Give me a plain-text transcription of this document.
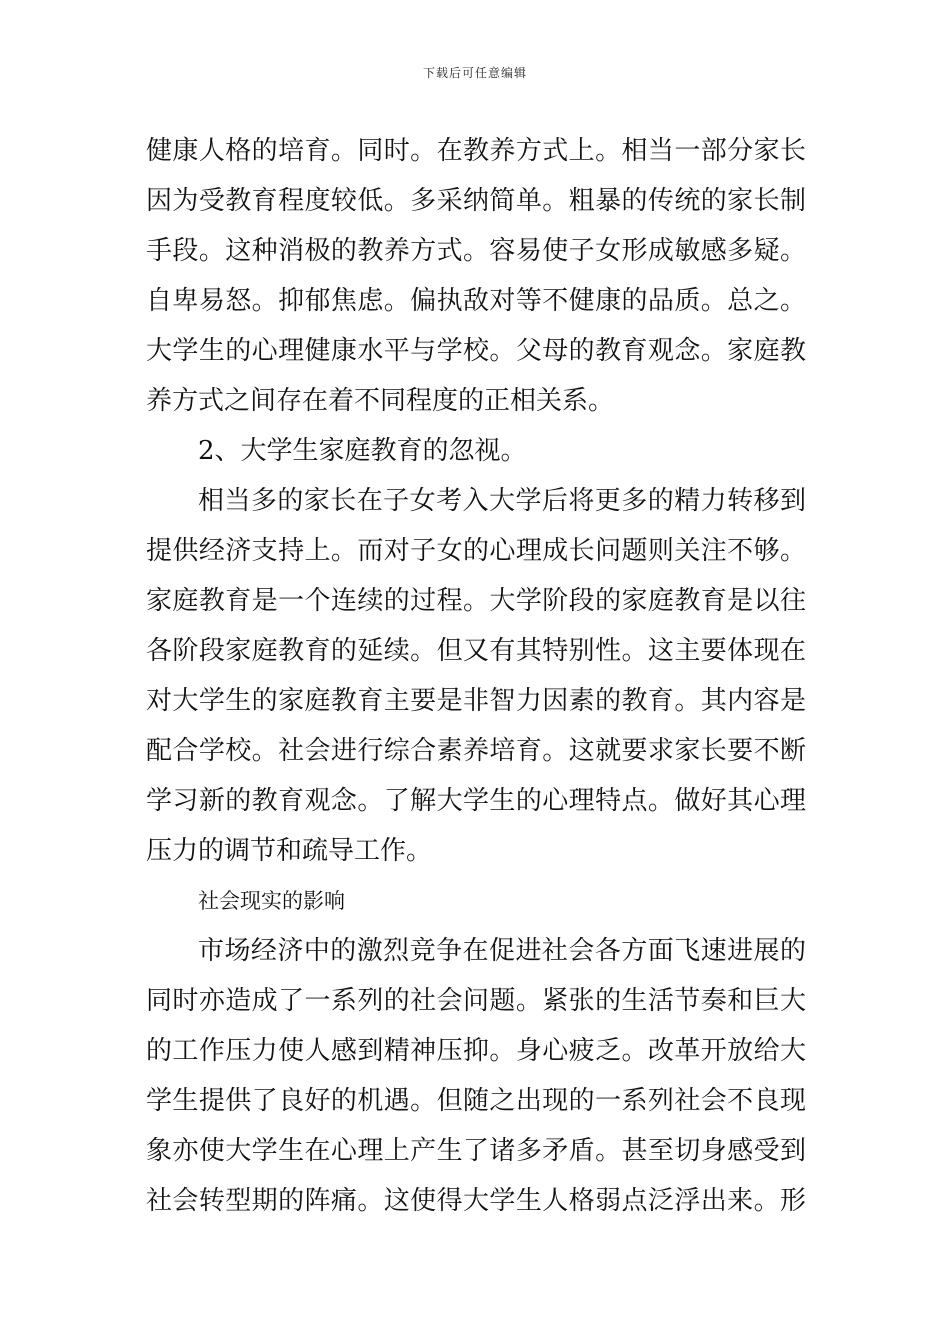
下载后可任意编辑
健康人格的培育。同时。在教养方式上。相当一部分家长
因为受教育程度较低。多采纳简单。粗暴的传统的家长制
手段。这种消极的教养方式。容易使子女形成敏感多疑。
自卑易怒。抑郁焦虑。偏执敌对等不健康的品质。总之。
大学生的心理健康水平与学校。父母的教育观念。家庭教
养方式之间存在着不同程度的正相关系。
2、大学生家庭教育的忽视。
相当多的家长在子女考入大学后将更多的精力转移到
提供经济支持上。而对子女的心理成长问题则关注不够。
家庭教育是一个连续的过程。大学阶段的家庭教育是以往
各阶段家庭教育的延续。但又有其特别性。这主要体现在
对大学生的家庭教育主要是非智力因素的教育。其内容是
配合学校。社会进行综合素养培育。这就要求家长要不断
学习新的教育观念。了解大学生的心理特点。做好其心理
压力的调节和疏导工作。
社会现实的影响
市场经济中的激烈竞争在促进社会各方面飞速进展的
同时亦造成了一系列的社会问题。紧张的生活节奏和巨大
的工作压力使人感到精神压抑。身心疲乏。改革开放给大
学生提供了良好的机遇。但随之出现的一系列社会不良现
象亦使大学生在心理上产生了诸多矛盾。甚至切身感受到
社会转型期的阵痛。这使得大学生人格弱点泛浮出来。形
